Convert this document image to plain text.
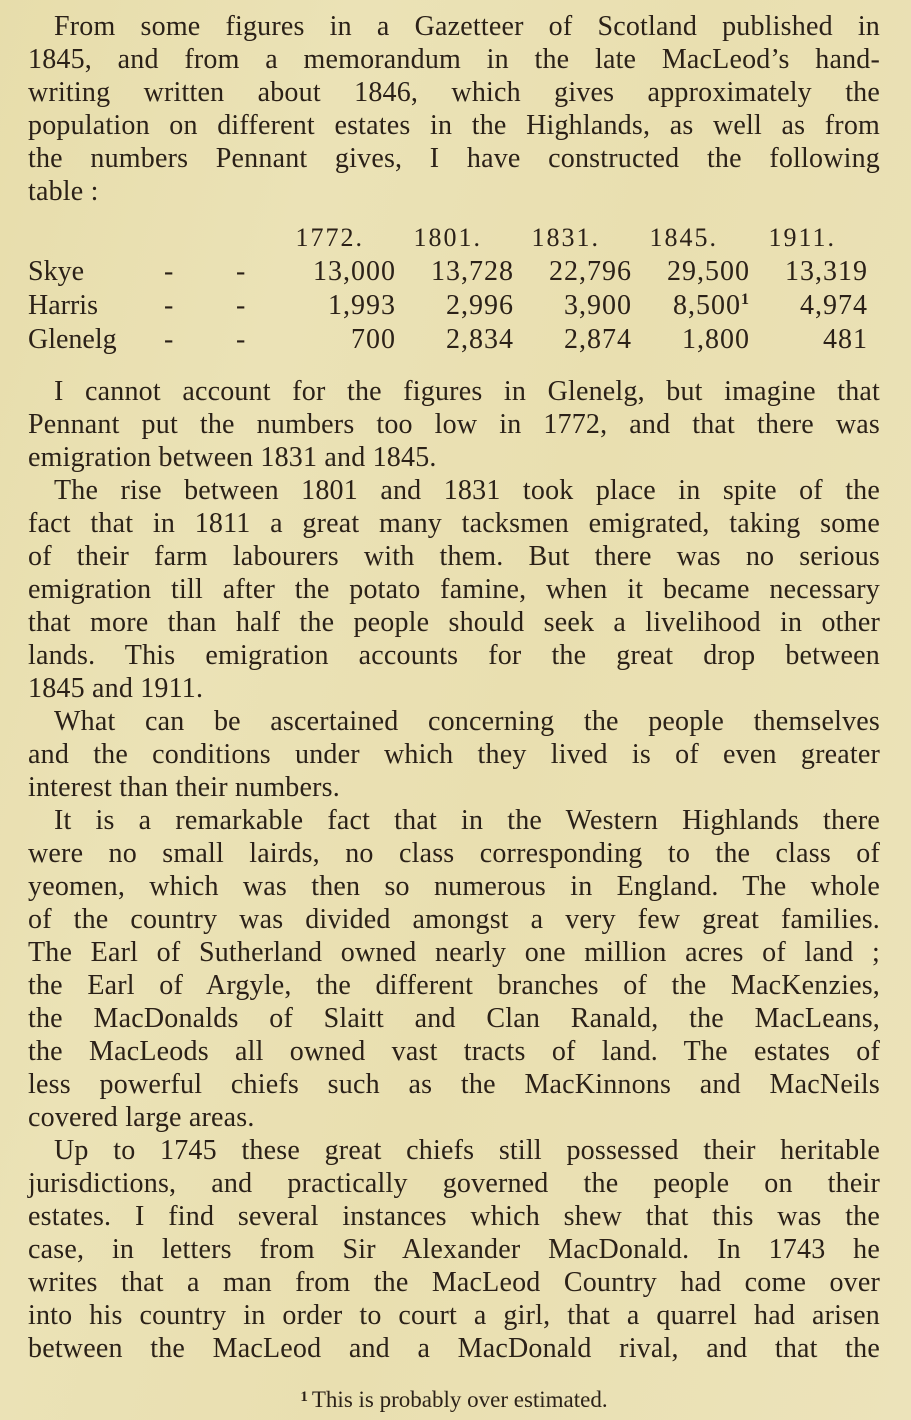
From some figures in a Gazetteer of Scotland published in
1845, and from a memorandum in the late MacLeod’s hand-
writing written about 1846, which gives approximately the
population on different estates in the Highlands, as well as from
the numbers Pennant gives, I have constructed the following
table :
1772.	1801.	1831.	1845.	1911.
Skye	-	-	13,000	13,728	22,796	29,500	13,319
Harris	-	-	1,993	2,996	3,900	8,500$^1$	4,974
Glenelg	-	-	700	2,834	2,874	1,800	481
I cannot account for the figures in Glenelg, but imagine that
Pennant put the numbers too low in 1772, and that there was
emigration between 1831 and 1845.
The rise between 1801 and 1831 took place in spite of the
fact that in 1811 a great many tacksmen emigrated, taking some
of their farm labourers with them. But there was no serious
emigration till after the potato famine, when it became necessary
that more than half the people should seek a livelihood in other
lands. This emigration accounts for the great drop between
1845 and 1911.
What can be ascertained concerning the people themselves
and the conditions under which they lived is of even greater
interest than their numbers.
It is a remarkable fact that in the Western Highlands there
were no small lairds, no class corresponding to the class of
yeomen, which was then so numerous in England. The whole
of the country was divided amongst a very few great families.
The Earl of Sutherland owned nearly one million acres of land ;
the Earl of Argyle, the different branches of the MacKenzies,
the MacDonalds of Slaitt and Clan Ranald, the MacLeans,
the MacLeods all owned vast tracts of land. The estates of
less powerful chiefs such as the MacKinnons and MacNeils
covered large areas.
Up to 1745 these great chiefs still possessed their heritable
jurisdictions, and practically governed the people on their
estates. I find several instances which shew that this was the
case, in letters from Sir Alexander MacDonald. In 1743 he
writes that a man from the MacLeod Country had come over
into his country in order to court a girl, that a quarrel had arisen
between the MacLeod and a MacDonald rival, and that the
$^1$ This is probably over estimated.
